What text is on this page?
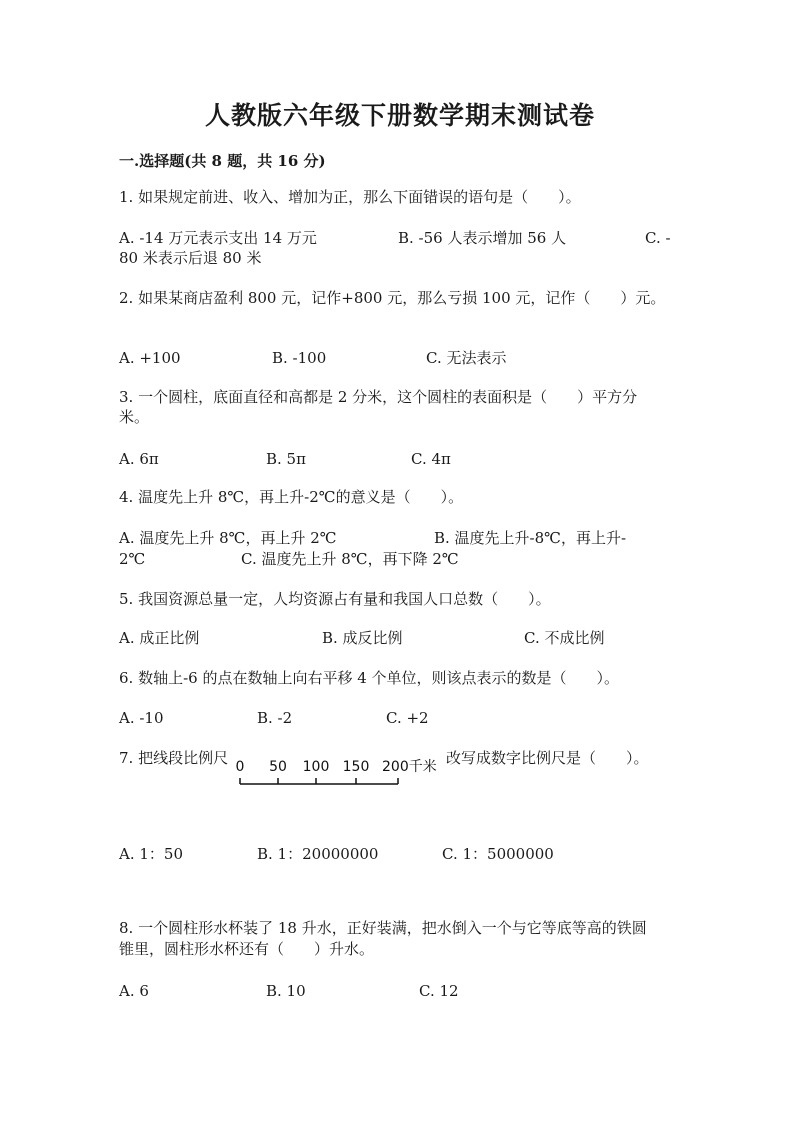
人教版六年级下册数学期末测试卷
一.选择题(共 8 题，共 16 分)
1. 如果规定前进、收入、增加为正，那么下面错误的语句是（　　）。
A. -14 万元表示支出 14 万元	B. -56 人表示增加 56 人	C. -
80 米表示后退 80 米
2. 如果某商店盈利 800 元，记作+800 元，那么亏损 100 元，记作（　　）元。
A. +100	B. -100	C. 无法表示
3. 一个圆柱，底面直径和高都是 2 分米，这个圆柱的表面积是（　　）平方分
米。
A. 6π	B. 5π	C. 4π
4. 温度先上升 8℃，再上升-2℃的意义是（　　）。
A. 温度先上升 8℃，再上升 2℃	B. 温度先上升-8℃，再上升-
2℃	C. 温度先上升 8℃，再下降 2℃
5. 我国资源总量一定，人均资源占有量和我国人口总数（　　）。
A. 成正比例	B. 成反比例	C. 不成比例
6. 数轴上-6 的点在数轴上向右平移 4 个单位，则该点表示的数是（　　）。
A. -10	B. -2	C. +2
7. 把线段比例尺 0 50 100 150 200千米 改写成数字比例尺是（　　）。
A. 1：50	B. 1：20000000	C. 1：5000000
8. 一个圆柱形水杯装了 18 升水，正好装满，把水倒入一个与它等底等高的铁圆
锥里，圆柱形水杯还有（　　）升水。
A. 6	B. 10	C. 12
